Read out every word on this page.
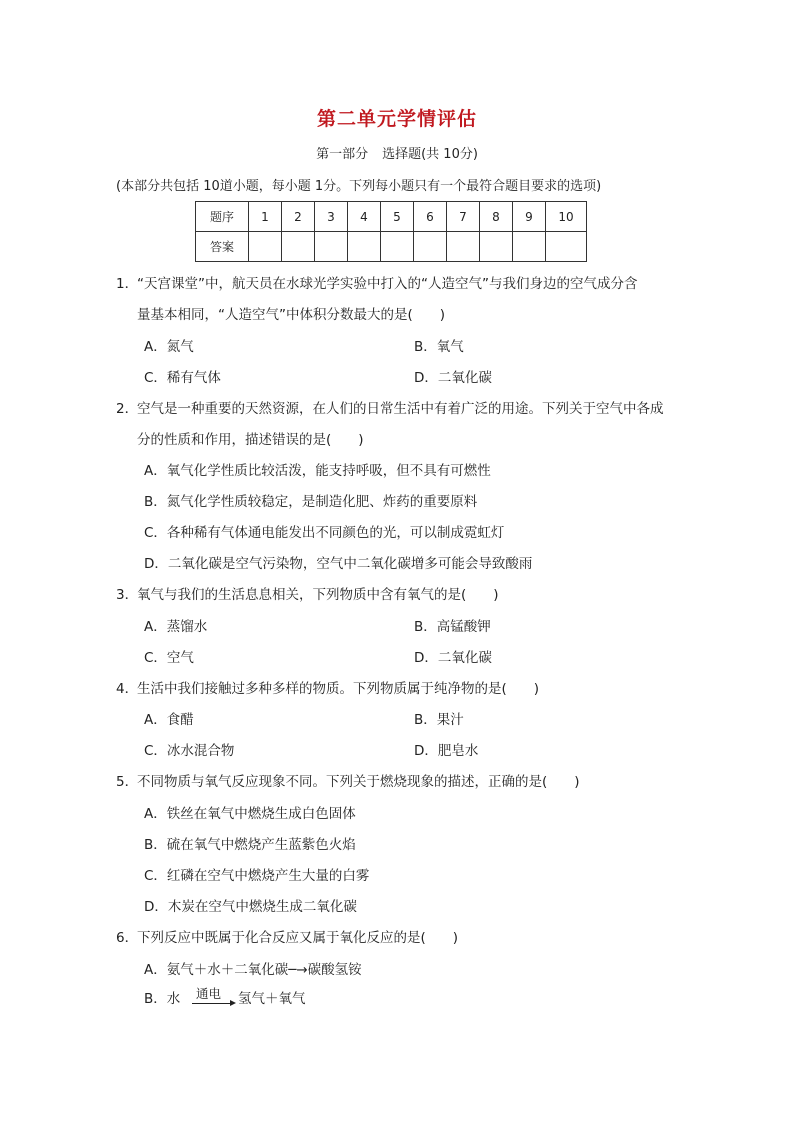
第二单元学情评估
第一部分 选择题(共 10分)
(本部分共包括 10道小题，每小题 1分。下列每小题只有一个最符合题目要求的选项)
题序	1	2	3	4	5	6	7	8	9	10
答案										
1．
“天宫课堂”中，航天员在水球光学实验中打入的“人造空气”与我们身边的空气成分含
量基本相同，“人造空气”中体积分数最大的是(　　)
A．氮气	B．氧气
C．稀有气体	D．二氧化碳
2．
空气是一种重要的天然资源，在人们的日常生活中有着广泛的用途。下列关于空气中各成
分的性质和作用，描述错误的是(　　)
A．氧气化学性质比较活泼，能支持呼吸，但不具有可燃性
B．氮气化学性质较稳定，是制造化肥、炸药的重要原料
C．各种稀有气体通电能发出不同颜色的光，可以制成霓虹灯
D．二氧化碳是空气污染物，空气中二氧化碳增多可能会导致酸雨
3．
氧气与我们的生活息息相关，下列物质中含有氧气的是(　　)
A．蒸馏水	B．高锰酸钾
C．空气	D．二氧化碳
4．
生活中我们接触过多种多样的物质。下列物质属于纯净物的是(　　)
A．食醋	B．果汁
C．冰水混合物	D．肥皂水
5．
不同物质与氧气反应现象不同。下列关于燃烧现象的描述，正确的是(　　)
A．铁丝在氧气中燃烧生成白色固体
B．硫在氧气中燃烧产生蓝紫色火焰
C．红磷在空气中燃烧产生大量的白雾
D．木炭在空气中燃烧生成二氧化碳
6．
下列反应中既属于化合反应又属于氧化反应的是(　　)
A．氨气＋水＋二氧化碳─→碳酸氢铵
B．水 通电 → 氢气＋氧气
